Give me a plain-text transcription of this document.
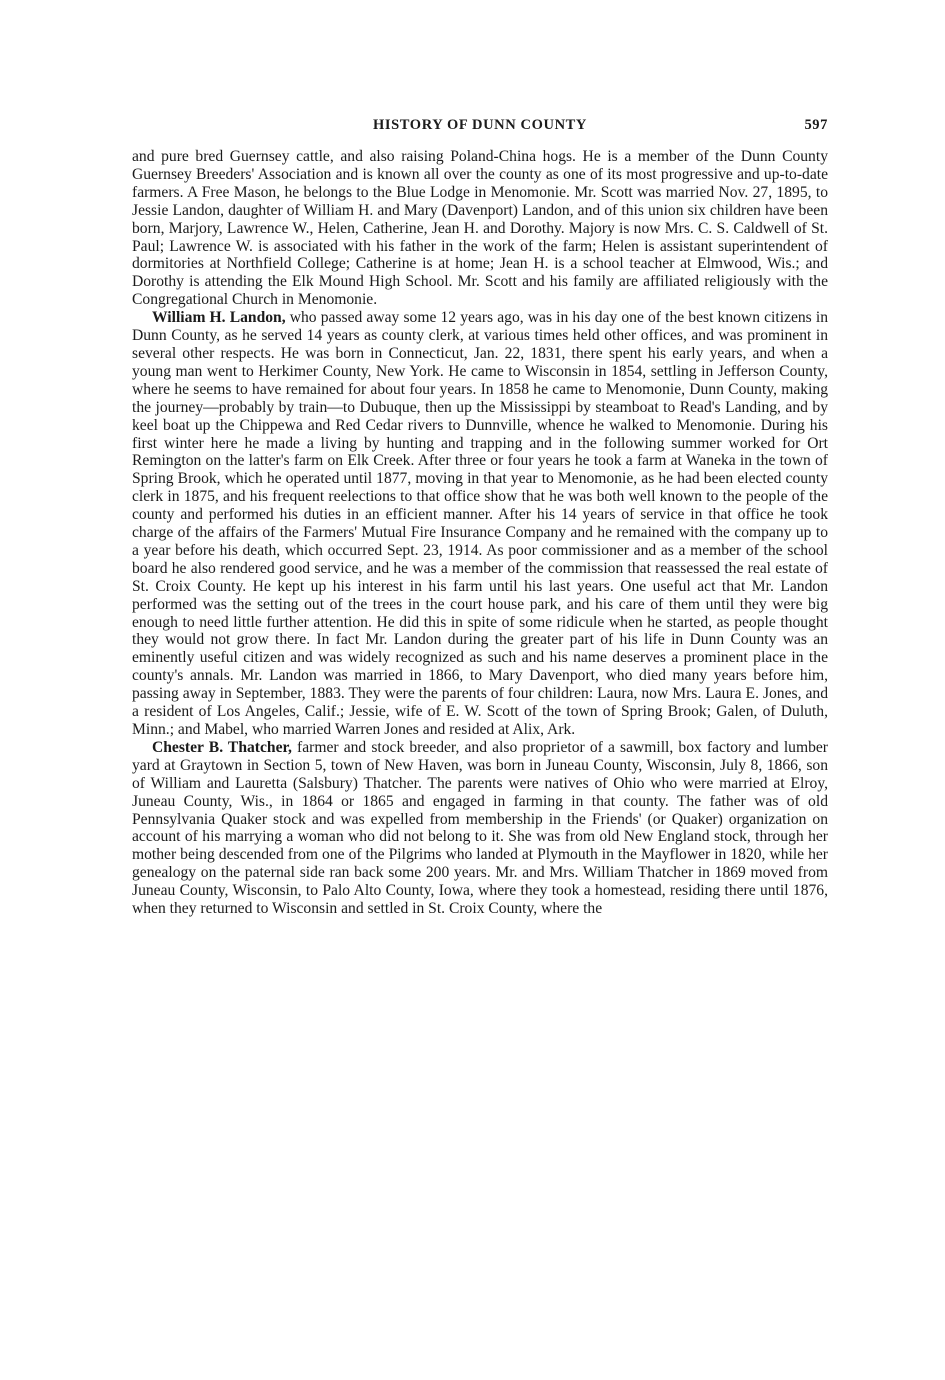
HISTORY OF DUNN COUNTY	597

and pure bred Guernsey cattle, and also raising Poland-China hogs. He is a member of the Dunn County Guernsey Breeders' Association and is known all over the county as one of its most progressive and up-to-date farmers. A Free Mason, he belongs to the Blue Lodge in Menomonie. Mr. Scott was married Nov. 27, 1895, to Jessie Landon, daughter of William H. and Mary (Davenport) Landon, and of this union six children have been born, Marjory, Lawrence W., Helen, Catherine, Jean H. and Dorothy. Majory is now Mrs. C. S. Caldwell of St. Paul; Lawrence W. is associated with his father in the work of the farm; Helen is assistant superintendent of dormitories at Northfield College; Catherine is at home; Jean H. is a school teacher at Elmwood, Wis.; and Dorothy is attending the Elk Mound High School. Mr. Scott and his family are affiliated religiously with the Congregational Church in Menomonie.

William H. Landon, who passed away some 12 years ago, was in his day one of the best known citizens in Dunn County, as he served 14 years as county clerk, at various times held other offices, and was prominent in several other respects. He was born in Connecticut, Jan. 22, 1831, there spent his early years, and when a young man went to Herkimer County, New York. He came to Wisconsin in 1854, settling in Jefferson County, where he seems to have remained for about four years. In 1858 he came to Menomonie, Dunn County, making the journey—probably by train—to Dubuque, then up the Mississippi by steamboat to Read's Landing, and by keel boat up the Chippewa and Red Cedar rivers to Dunnville, whence he walked to Menomonie. During his first winter here he made a living by hunting and trapping and in the following summer worked for Ort Remington on the latter's farm on Elk Creek. After three or four years he took a farm at Waneka in the town of Spring Brook, which he operated until 1877, moving in that year to Menomonie, as he had been elected county clerk in 1875, and his frequent reelections to that office show that he was both well known to the people of the county and performed his duties in an efficient manner. After his 14 years of service in that office he took charge of the affairs of the Farmers' Mutual Fire Insurance Company and he remained with the company up to a year before his death, which occurred Sept. 23, 1914. As poor commissioner and as a member of the school board he also rendered good service, and he was a member of the commission that reassessed the real estate of St. Croix County. He kept up his interest in his farm until his last years. One useful act that Mr. Landon performed was the setting out of the trees in the court house park, and his care of them until they were big enough to need little further attention. He did this in spite of some ridicule when he started, as people thought they would not grow there. In fact Mr. Landon during the greater part of his life in Dunn County was an eminently useful citizen and was widely recognized as such and his name deserves a prominent place in the county's annals. Mr. Landon was married in 1866, to Mary Davenport, who died many years before him, passing away in September, 1883. They were the parents of four children: Laura, now Mrs. Laura E. Jones, and a resident of Los Angeles, Calif.; Jessie, wife of E. W. Scott of the town of Spring Brook; Galen, of Duluth, Minn.; and Mabel, who married Warren Jones and resided at Alix, Ark.

Chester B. Thatcher, farmer and stock breeder, and also proprietor of a sawmill, box factory and lumber yard at Graytown in Section 5, town of New Haven, was born in Juneau County, Wisconsin, July 8, 1866, son of William and Lauretta (Salsbury) Thatcher. The parents were natives of Ohio who were married at Elroy, Juneau County, Wis., in 1864 or 1865 and engaged in farming in that county. The father was of old Pennsylvania Quaker stock and was expelled from membership in the Friends' (or Quaker) organization on account of his marrying a woman who did not belong to it. She was from old New England stock, through her mother being descended from one of the Pilgrims who landed at Plymouth in the Mayflower in 1820, while her genealogy on the paternal side ran back some 200 years. Mr. and Mrs. William Thatcher in 1869 moved from Juneau County, Wisconsin, to Palo Alto County, Iowa, where they took a homestead, residing there until 1876, when they returned to Wisconsin and settled in St. Croix County, where the
